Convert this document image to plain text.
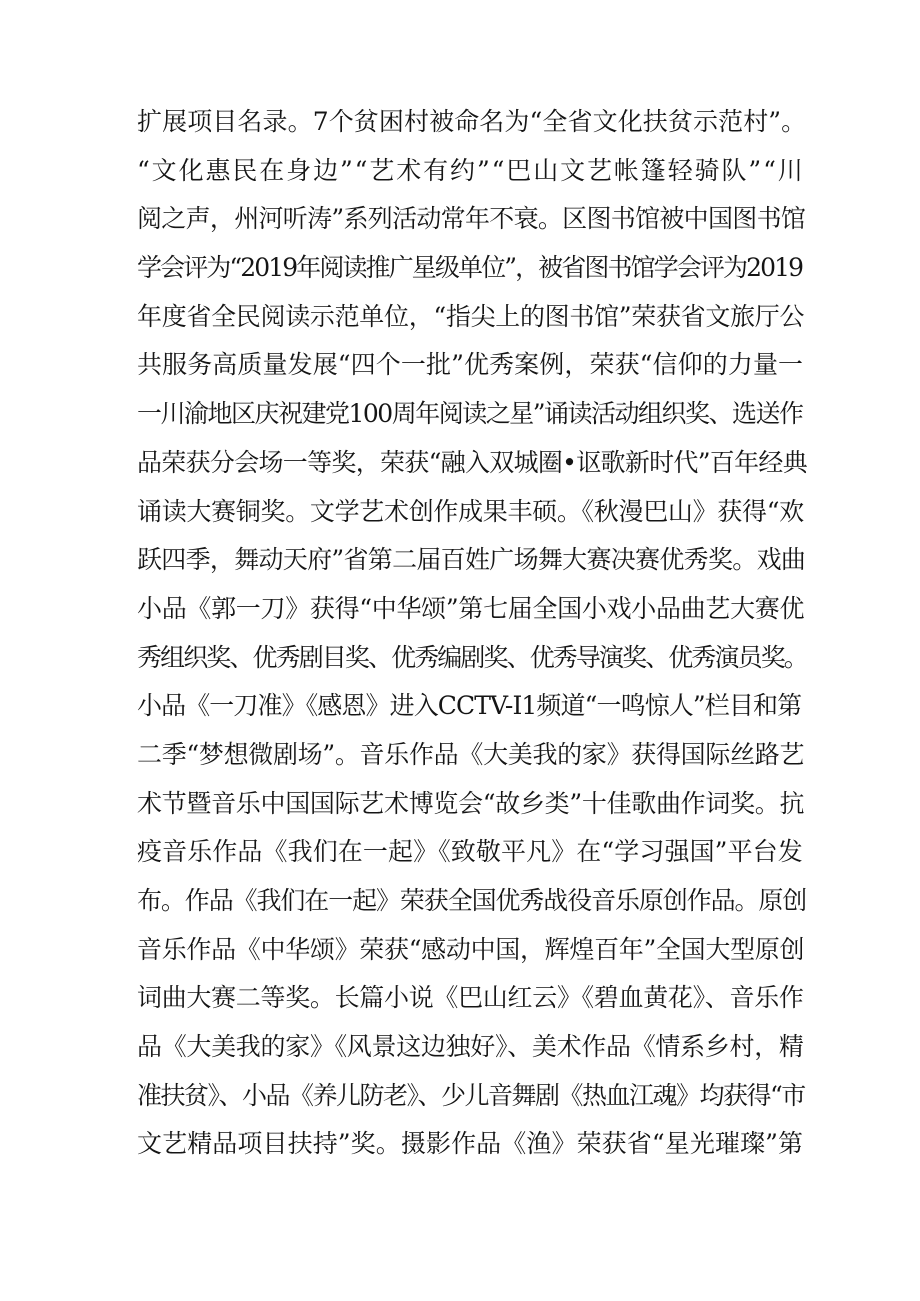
扩展项目名录。7个贫困村被命名为“全省文化扶贫示范村”。
“文化惠民在身边”“艺术有约”“巴山文艺帐篷轻骑队”“川
阅之声，州河听涛”系列活动常年不衰。区图书馆被中国图书馆
学会评为“2019年阅读推广星级单位”，被省图书馆学会评为2019
年度省全民阅读示范单位，“指尖上的图书馆”荣获省文旅厅公
共服务高质量发展“四个一批”优秀案例，荣获“信仰的力量一
一川渝地区庆祝建党100周年阅读之星”诵读活动组织奖、选送作
品荣获分会场一等奖，荣获“融入双城圈•讴歌新时代”百年经典
诵读大赛铜奖。文学艺术创作成果丰硕。《秋漫巴山》获得“欢
跃四季，舞动天府”省第二届百姓广场舞大赛决赛优秀奖。戏曲
小品《郭一刀》获得“中华颂”第七届全国小戏小品曲艺大赛优
秀组织奖、优秀剧目奖、优秀编剧奖、优秀导演奖、优秀演员奖。
小品《一刀准》《感恩》进入CCTV-I1频道“一鸣惊人”栏目和第
二季“梦想微剧场”。音乐作品《大美我的家》获得国际丝路艺
术节暨音乐中国国际艺术博览会“故乡类”十佳歌曲作词奖。抗
疫音乐作品《我们在一起》《致敬平凡》在“学习强国”平台发
布。作品《我们在一起》荣获全国优秀战役音乐原创作品。原创
音乐作品《中华颂》荣获“感动中国，辉煌百年”全国大型原创
词曲大赛二等奖。长篇小说《巴山红云》《碧血黄花》、音乐作
品《大美我的家》《风景这边独好》、美术作品《情系乡村，精
准扶贫》、小品《养儿防老》、少儿音舞剧《热血江魂》均获得“市
文艺精品项目扶持”奖。摄影作品《渔》荣获省“星光璀璨”第
